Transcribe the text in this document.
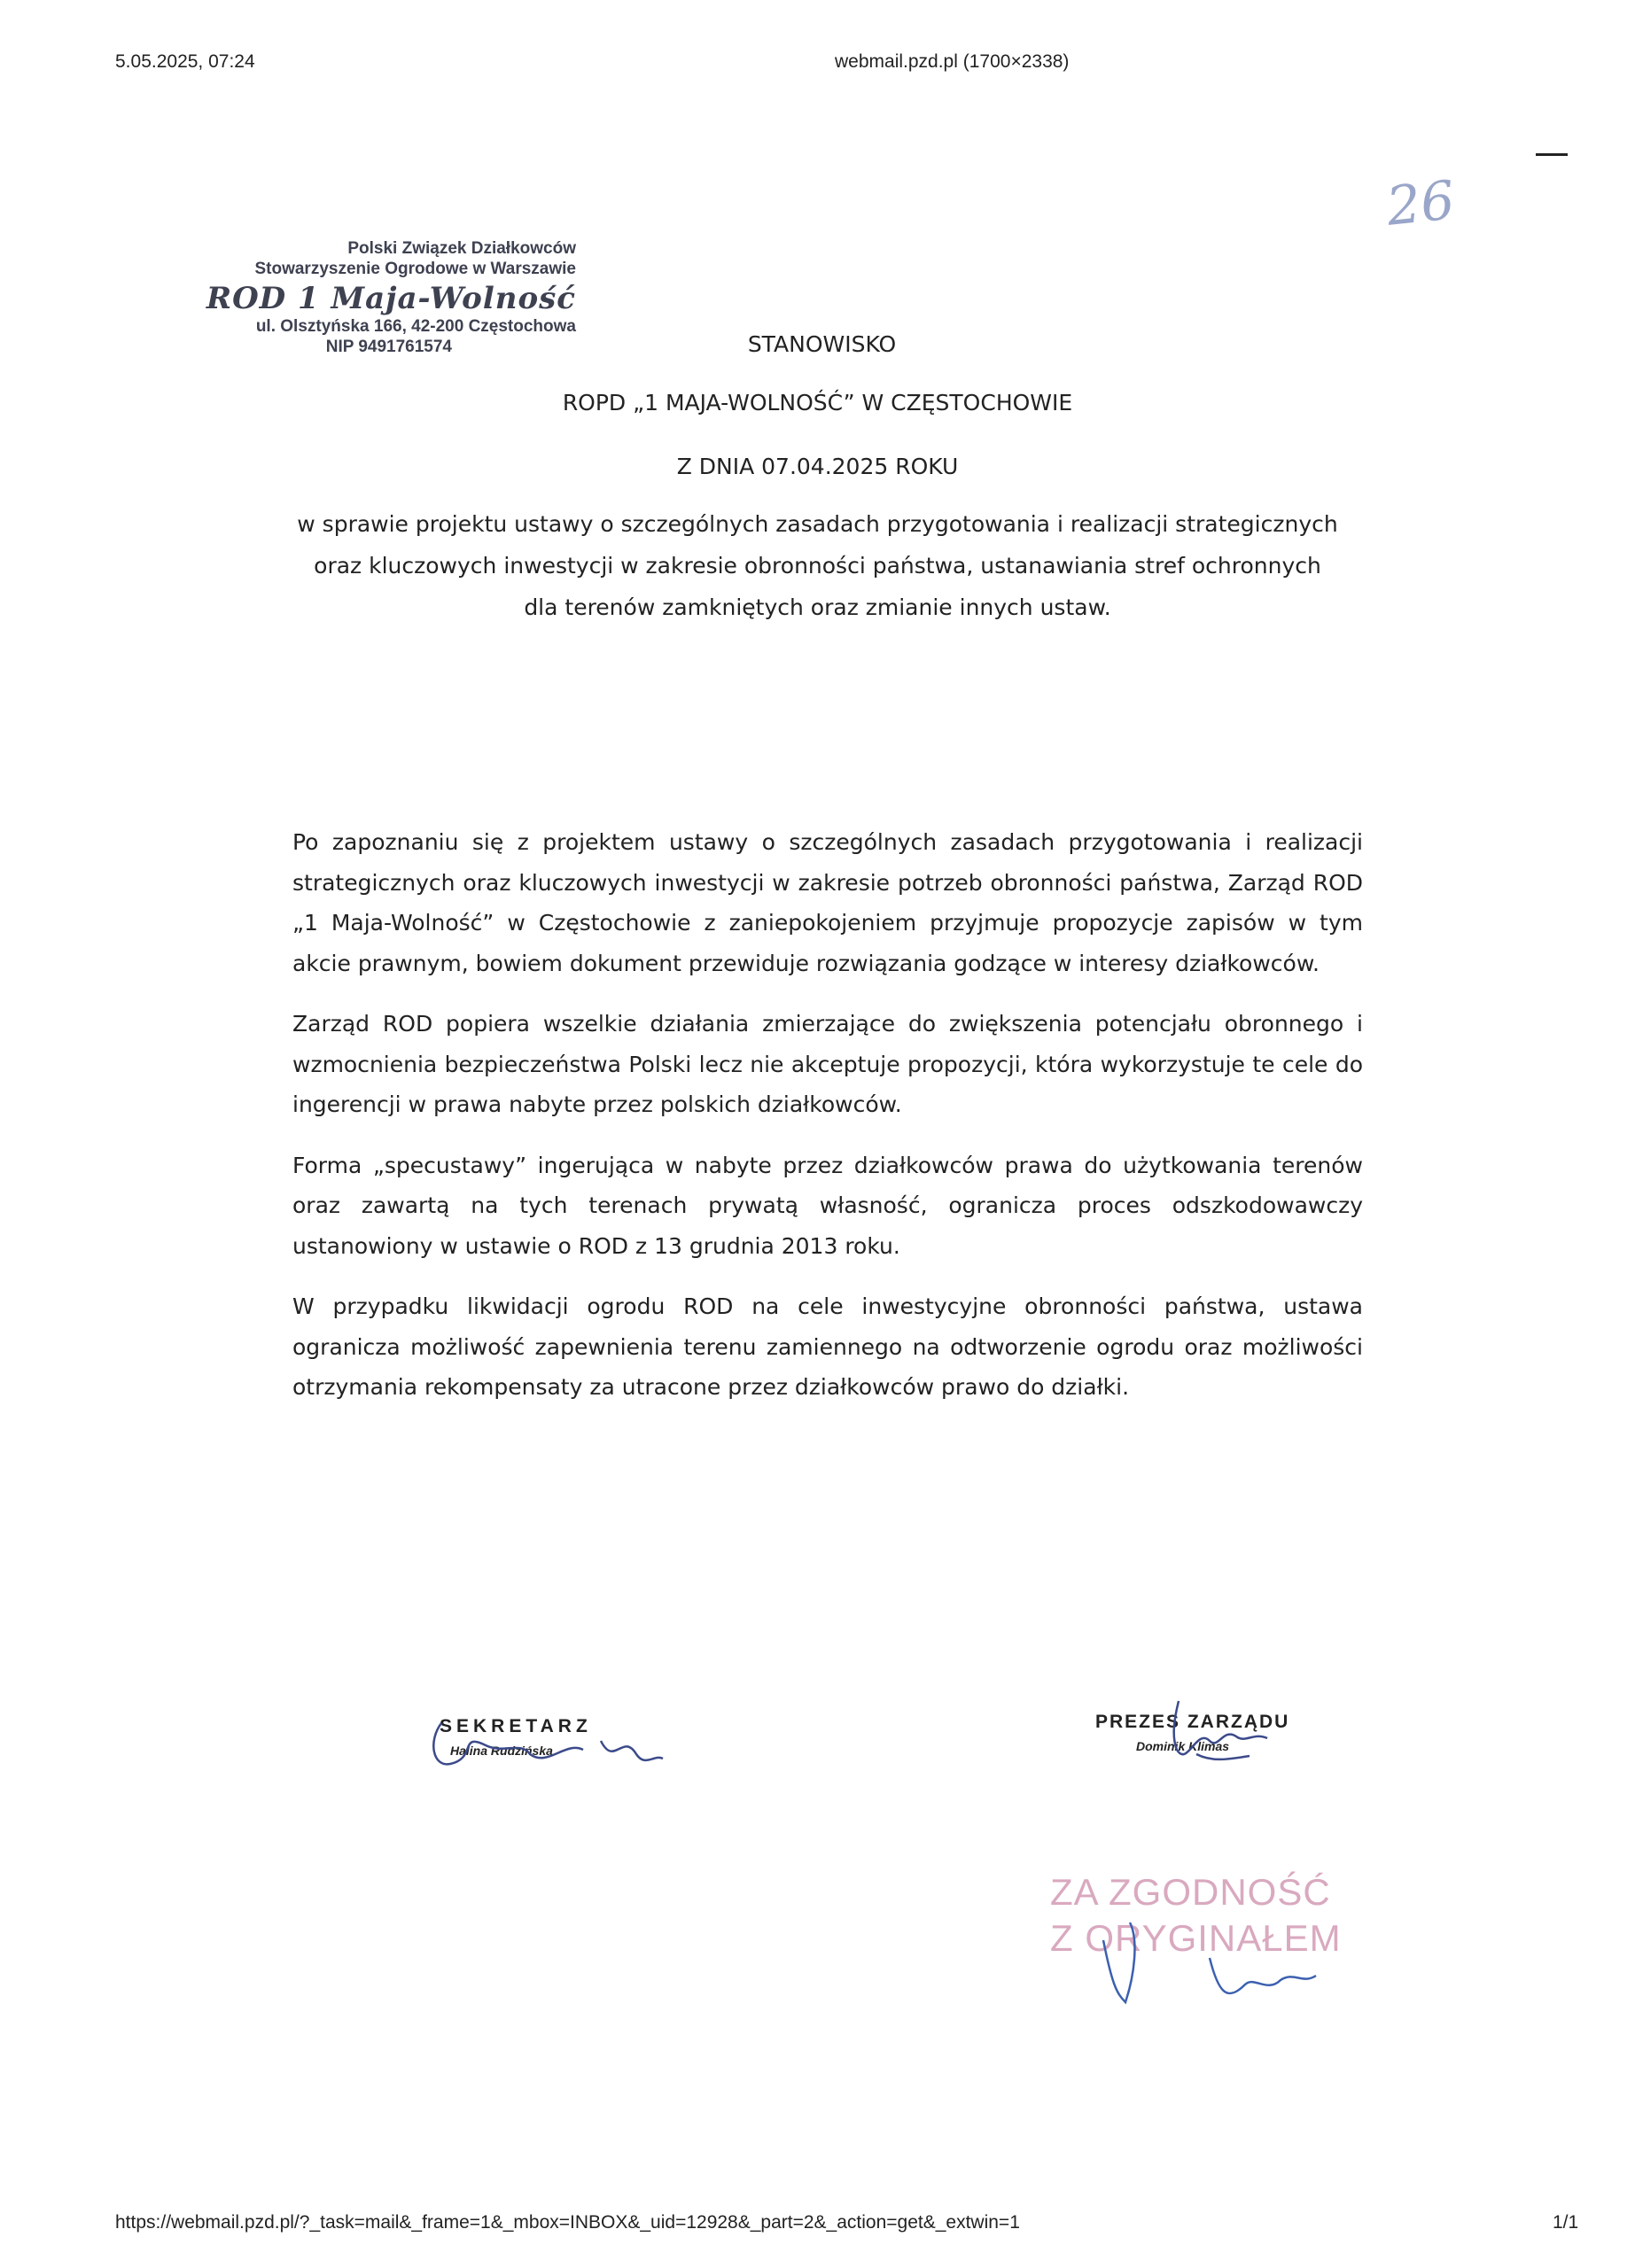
5.05.2025, 07:24	webmail.pzd.pl (1700×2338)
26
Polski Związek Działkowców
Stowarzyszenie Ogrodowe w Warszawie
ROD 1 Maja-Wolność
ul. Olsztyńska 166, 42-200 Częstochowa
NIP 9491761574	STANOWISKO
ROPD „1 MAJA-WOLNOŚĆ” W CZĘSTOCHOWIE
Z DNIA 07.04.2025 ROKU
w sprawie projektu ustawy o szczególnych zasadach przygotowania i realizacji strategicznych
oraz kluczowych inwestycji w zakresie obronności państwa, ustanawiania stref ochronnych
dla terenów zamkniętych oraz zmianie innych ustaw.

Po zapoznaniu się z projektem ustawy o szczególnych zasadach przygotowania i realizacji strategicznych oraz kluczowych inwestycji w zakresie potrzeb obronności państwa, Zarząd ROD „1 Maja-Wolność” w Częstochowie z zaniepokojeniem przyjmuje propozycje zapisów w tym akcie prawnym, bowiem dokument przewiduje rozwiązania godzące w interesy działkowców.

Zarząd ROD popiera wszelkie działania zmierzające do zwiększenia potencjału obronnego i wzmocnienia bezpieczeństwa Polski lecz nie akceptuje propozycji, która wykorzystuje te cele do ingerencji w prawa nabyte przez polskich działkowców.

Forma „specustawy” ingerująca w nabyte przez działkowców prawa do użytkowania terenów oraz zawartą na tych terenach prywatą własność, ogranicza proces odszkodowawczy ustanowiony w ustawie o ROD z 13 grudnia 2013 roku.

W przypadku likwidacji ogrodu ROD na cele inwestycyjne obronności państwa, ustawa ogranicza możliwość zapewnienia terenu zamiennego na odtworzenie ogrodu oraz możliwości otrzymania rekompensaty za utracone przez działkowców prawo do działki.

SEKRETARZ
Halina Rudzińska
PREZES ZARZĄDU
Dominik Klimas
ZA ZGODNOŚĆ
Z ORYGINAŁEM
https://webmail.pzd.pl/?_task=mail&_frame=1&_mbox=INBOX&_uid=12928&_part=2&_action=get&_extwin=1	1/1
